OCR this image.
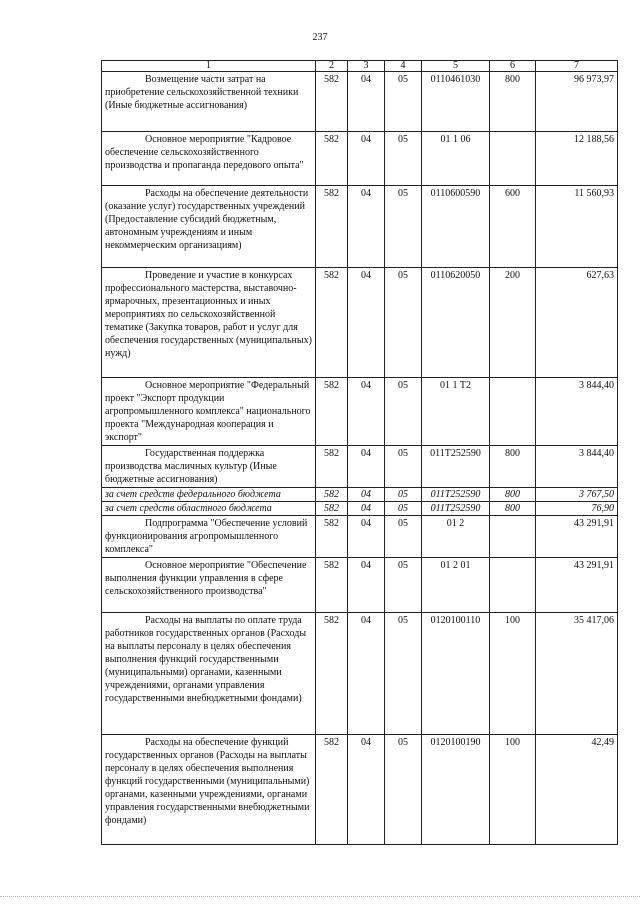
237
1	2	3	4	5	6	7
Возмещение части затрат на приобретение сельскохозяйственной техники (Иные бюджетные ассигнования)	582	04	05	0110461030	800	96 973,97
Основное мероприятие "Кадровое обеспечение сельскохозяйственного производства и пропаганда передового опыта"	582	04	05	01 1 06		12 188,56
Расходы на обеспечение деятельности (оказание услуг) государственных учреждений (Предоставление субсидий бюджетным, автономным учреждениям и иным некоммерческим организациям)	582	04	05	0110600590	600	11 560,93
Проведение и участие в конкурсах профессионального мастерства, выставочно-ярмарочных, презентационных и иных мероприятиях по сельскохозяйственной тематике (Закупка товаров, работ и услуг для обеспечения государственных (муниципальных) нужд)	582	04	05	0110620050	200	627,63
Основное мероприятие "Федеральный проект "Экспорт продукции агропромышленного комплекса" национального проекта "Международная кооперация и экспорт"	582	04	05	01 1 T2		3 844,40
Государственная поддержка производства масличных культур (Иные бюджетные ассигнования)	582	04	05	011T252590	800	3 844,40
за счет средств федерального бюджета	582	04	05	011T252590	800	3 767,50
за счет средств областного бюджета	582	04	05	011T252590	800	76,90
Подпрограмма "Обеспечение условий функционирования агропромышленного комплекса"	582	04	05	01 2		43 291,91
Основное мероприятие "Обеспечение выполнения функции управления в сфере сельскохозяйственного производства"	582	04	05	01 2 01		43 291,91
Расходы на выплаты по оплате труда работников государственных органов (Расходы на выплаты персоналу в целях обеспечения выполнения функций государственными (муниципальными) органами, казенными учреждениями, органами управления государственными внебюджетными фондами)	582	04	05	0120100110	100	35 417,06
Расходы на обеспечение функций государственных органов (Расходы на выплаты персоналу в целях обеспечения выполнения функций государственными (муниципальными) органами, казенными учреждениями, органами управления государственными внебюджетными фондами)	582	04	05	0120100190	100	42,49
